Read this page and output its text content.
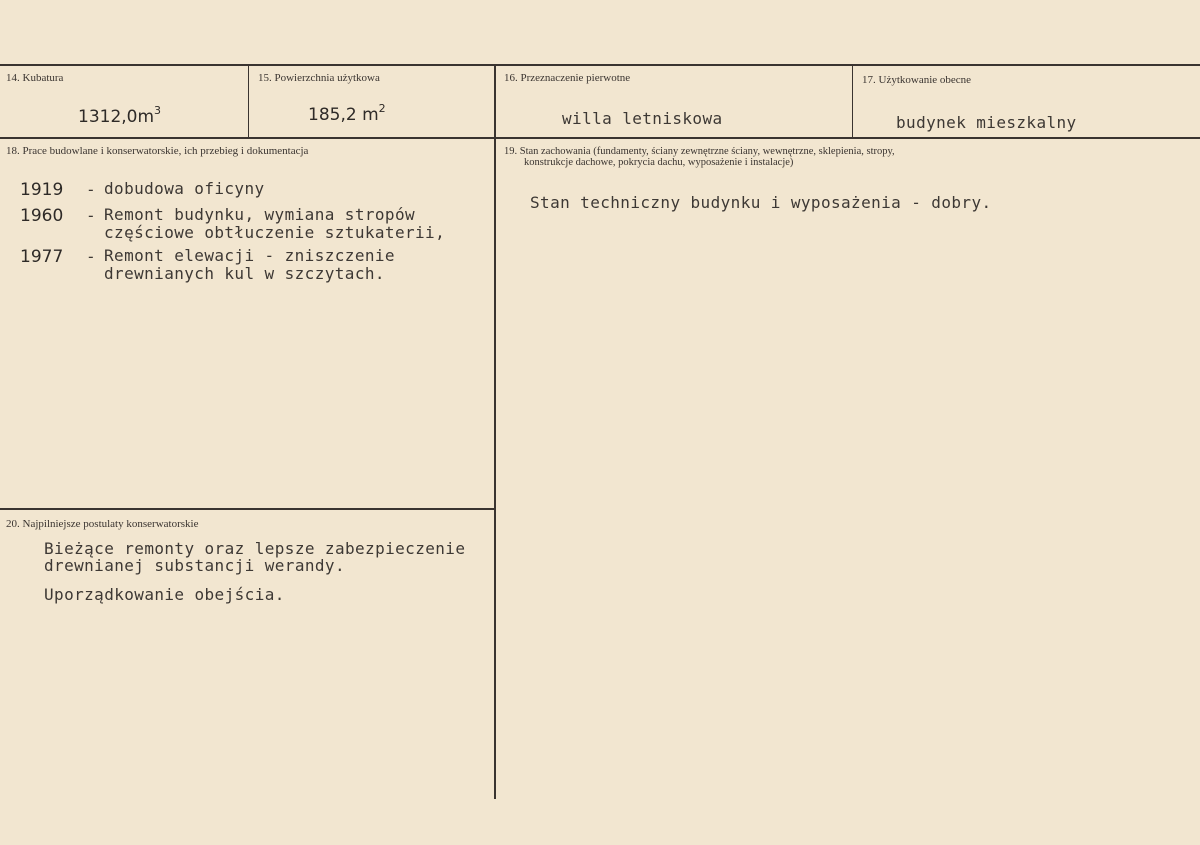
14. Kubatura
$1312,0m^3$
15. Powierzchnia użytkowa
185,2 $m^2$
16. Przeznaczenie pierwotne
willa letniskowa
17. Użytkowanie obecne
budynek mieszkalny
18. Prace budowlane i konserwatorskie, ich przebieg i dokumentacja
1919 - dobudowa oficyny
1960 - Remont budynku, wymiana stropów
częściowe obtłuczenie sztukaterii,
1977 - Remont elewacji - zniszczenie
drewnianych kul w szczytach.
19. Stan zachowania (fundamenty, ściany zewnętrzne ściany, wewnętrzne, sklepienia, stropy,
konstrukcje dachowe, pokrycia dachu, wyposażenie i instalacje)
Stan techniczny budynku i wyposażenia - dobry.
20. Najpilniejsze postulaty konserwatorskie
Bieżące remonty oraz lepsze zabezpieczenie
drewnianej substancji werandy.
Uporządkowanie obejścia.
